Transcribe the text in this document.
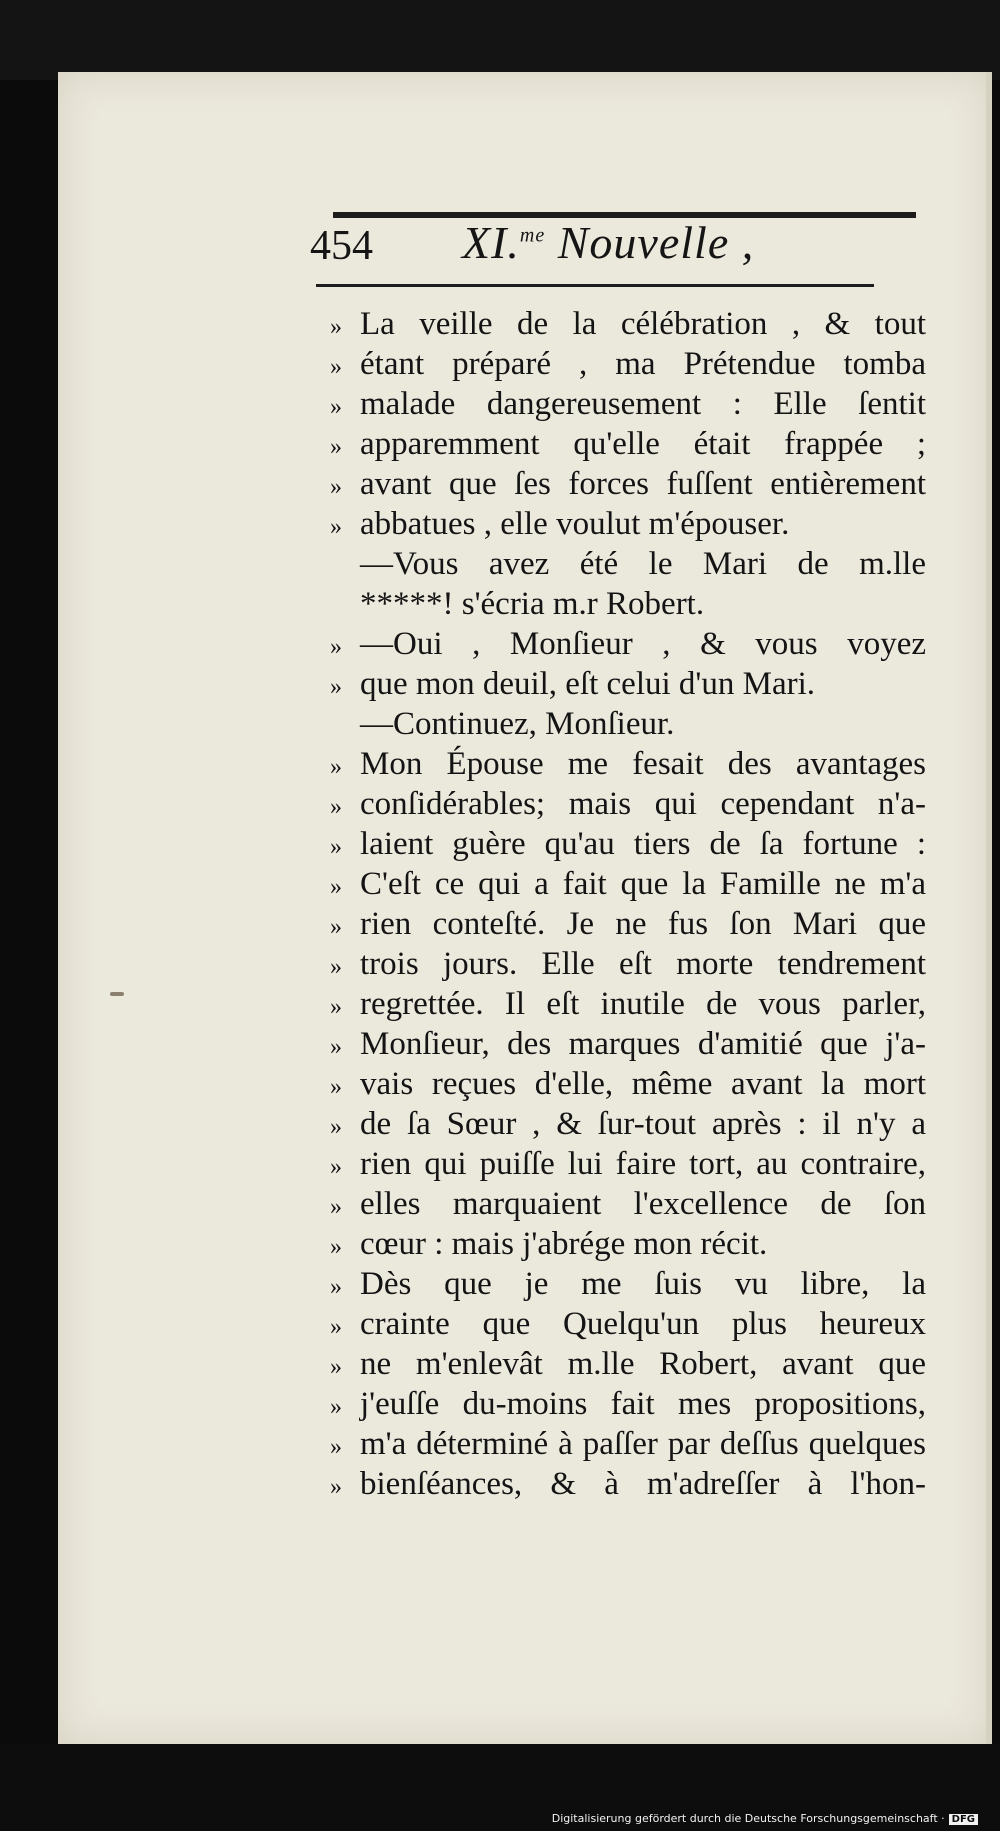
454 XI.$^{me}$ Nouvelle ,
» La veille de la célébration , & tout
» étant préparé , ma Prétendue tomba
» malade dangereusement : Elle ſentit
» apparemment qu'elle était frappée ;
» avant que ſes forces fuſſent entièrement
» abbatues , elle voulut m'épouser.
—Vous avez été le Mari de m.lle
*****! s'écria m.r Robert.
» —Oui , Monſieur , & vous voyez
» que mon deuil, eſt celui d'un Mari.
—Continuez, Monſieur.
» Mon Épouse me fesait des avantages
» conſidérables; mais qui cependant n'a-
» laient guère qu'au tiers de ſa fortune :
» C'eſt ce qui a fait que la Famille ne m'a
» rien conteſté. Je ne fus ſon Mari que
» trois jours. Elle eſt morte tendrement
» regrettée. Il eſt inutile de vous parler,
» Monſieur, des marques d'amitié que j'a-
» vais reçues d'elle, même avant la mort
» de ſa Sœur , & ſur-tout après : il n'y a
» rien qui puiſſe lui faire tort, au contraire,
» elles marquaient l'excellence de ſon
» cœur : mais j'abrége mon récit.
» Dès que je me ſuis vu libre, la
» crainte que Quelqu'un plus heureux
» ne m'enlevât m.lle Robert, avant que
» j'euſſe du-moins fait mes propositions,
» m'a déterminé à paſſer par deſſus quelques
» bienſéances, & à m'adreſſer à l'hon-
Digitalisierung gefördert durch die Deutsche Forschungsgemeinschaft · DFG
